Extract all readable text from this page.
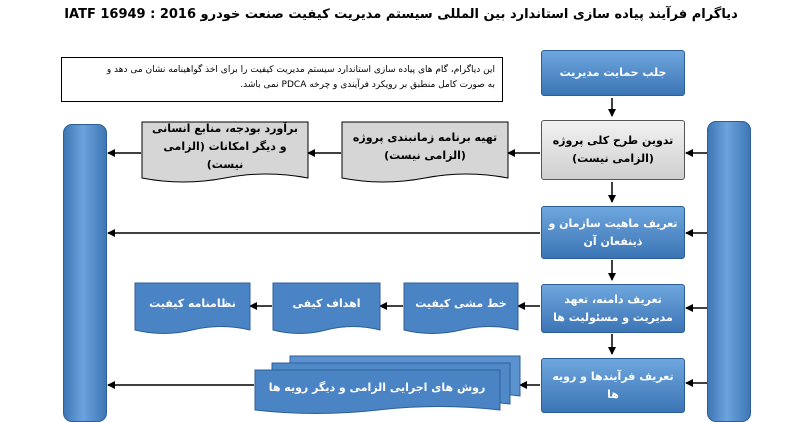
دیاگرام فرآیند پیاده سازی استاندارد بین المللی سیستم مدیریت کیفیت صنعت خودرو IATF 16949 : 2016
این دیاگرام، گام های پیاده سازی استاندارد سیستم مدیریت کیفیت را برای اخذ گواهینامه نشان می دهد و
به صورت کامل منطبق بر رویکرد فرآیندی و چرخه PDCA نمی باشد.
جلب حمایت مدیریت
تدوین طرح کلی پروژه (الزامی نیست)
تعریف ماهیت سازمان و ذینفعان آن
تعریف دامنه، تعهد مدیریت و مسئولیت ها
تعریف فرآیندها و رویه ها
تهیه برنامه زمانبندی پروژه (الزامی نیست)
برآورد بودجه، منابع انسانی و دیگر امکانات (الزامی نیست)
خط مشی کیفیت
اهداف کیفی
نظامنامه کیفیت
روش های اجرایی الزامی و دیگر رویه ها
